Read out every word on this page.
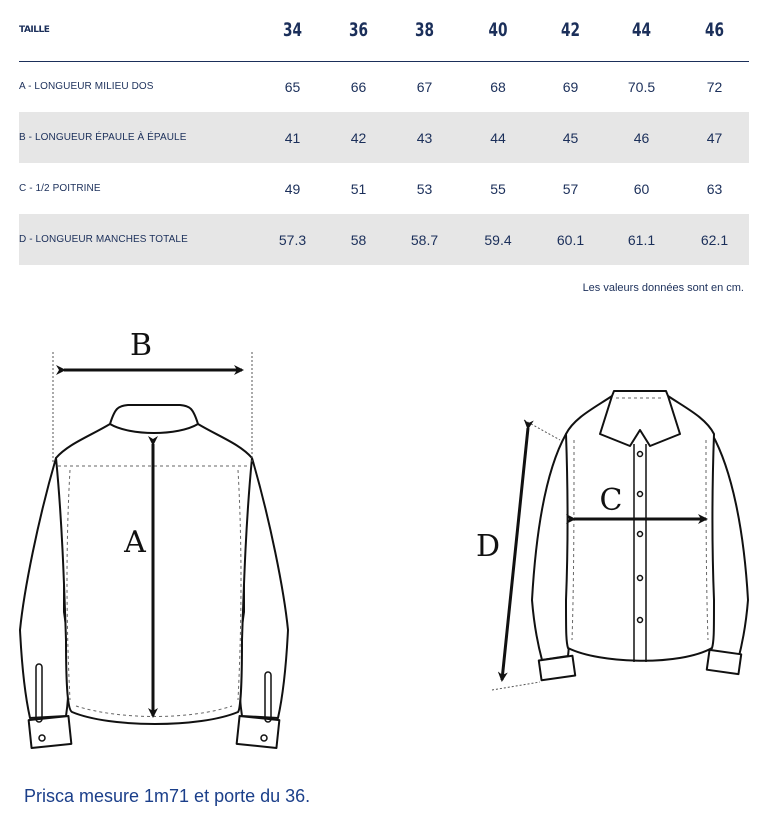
TAILLE	34	36	38	40	42	44	46
A - LONGUEUR MILIEU DOS	65	66	67	68	69	70.5	72
B - LONGUEUR ÉPAULE À ÉPAULE	41	42	43	44	45	46	47
C - 1/2 POITRINE	49	51	53	55	57	60	63
D - LONGUEUR MANCHES TOTALE	57.3	58	58.7	59.4	60.1	61.1	62.1
Les valeurs données sont en cm.
B
A	D
C
Prisca mesure 1m71 et porte du 36.
